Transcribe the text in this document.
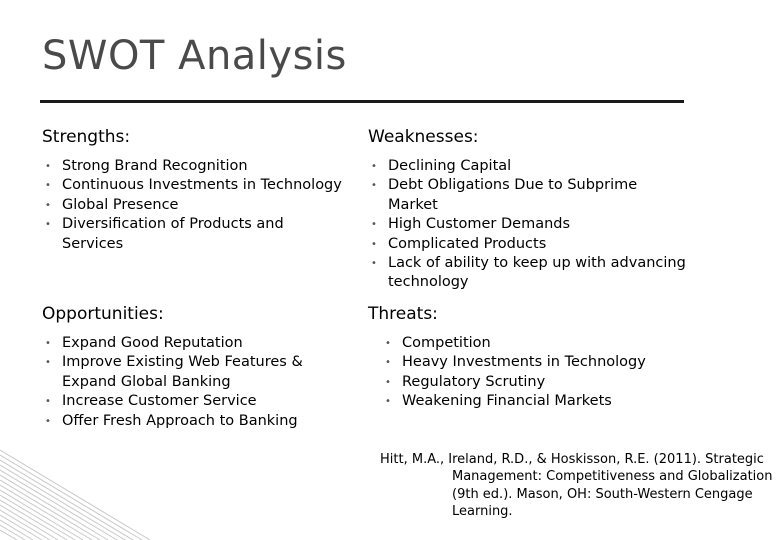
SWOT Analysis
Strengths:
• Strong Brand Recognition
• Continuous Investments in Technology
• Global Presence
• Diversification of Products and Services
Weaknesses:
• Declining Capital
• Debt Obligations Due to Subprime Market
• High Customer Demands
• Complicated Products
• Lack of ability to keep up with advancing technology
Opportunities:
• Expand Good Reputation
• Improve Existing Web Features & Expand Global Banking
• Increase Customer Service
• Offer Fresh Approach to Banking
Threats:
• Competition
• Heavy Investments in Technology
• Regulatory Scrutiny
• Weakening Financial Markets
Hitt, M.A., Ireland, R.D., & Hoskisson, R.E. (2011). Strategic Management: Competitiveness and Globalization (9th ed.). Mason, OH: South-Western Cengage Learning.
